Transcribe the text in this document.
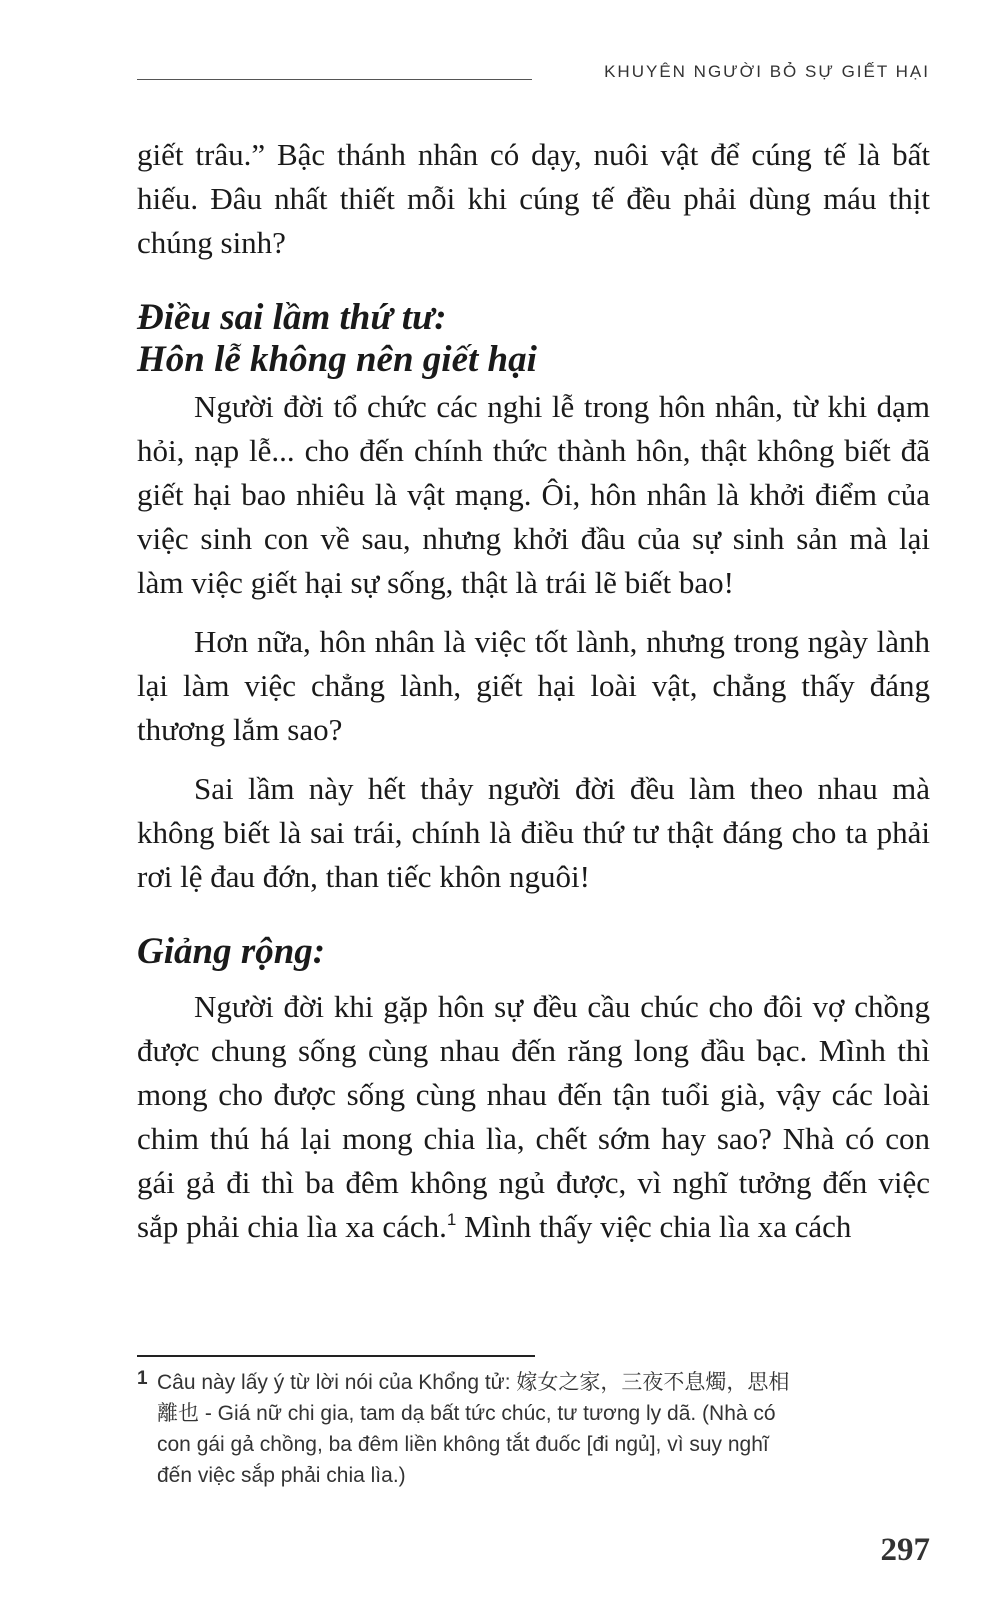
KHUYÊN NGƯỜI BỎ SỰ GIẾT HẠI

giết trâu.” Bậc thánh nhân có dạy, nuôi vật để cúng tế là bất hiếu. Đâu nhất thiết mỗi khi cúng tế đều phải dùng máu thịt chúng sinh?

Điều sai lầm thứ tư:
Hôn lễ không nên giết hại

Người đời tổ chức các nghi lễ trong hôn nhân, từ khi dạm hỏi, nạp lễ... cho đến chính thức thành hôn, thật không biết đã giết hại bao nhiêu là vật mạng. Ôi, hôn nhân là khởi điểm của việc sinh con về sau, nhưng khởi đầu của sự sinh sản mà lại làm việc giết hại sự sống, thật là trái lẽ biết bao!

Hơn nữa, hôn nhân là việc tốt lành, nhưng trong ngày lành lại làm việc chẳng lành, giết hại loài vật, chẳng thấy đáng thương lắm sao?

Sai lầm này hết thảy người đời đều làm theo nhau mà không biết là sai trái, chính là điều thứ tư thật đáng cho ta phải rơi lệ đau đớn, than tiếc khôn nguôi!

Giảng rộng:

Người đời khi gặp hôn sự đều cầu chúc cho đôi vợ chồng được chung sống cùng nhau đến răng long đầu bạc. Mình thì mong cho được sống cùng nhau đến tận tuổi già, vậy các loài chim thú há lại mong chia lìa, chết sớm hay sao? Nhà có con gái gả đi thì ba đêm không ngủ được, vì nghĩ tưởng đến việc sắp phải chia lìa xa cách.$^1$ Mình thấy việc chia lìa xa cách

1 Câu này lấy ý từ lời nói của Khổng tử: 嫁女之家，三夜不息燭，思相
離也 - Giá nữ chi gia, tam dạ bất tức chúc, tư tương ly dã. (Nhà có
con gái gả chồng, ba đêm liền không tắt đuốc [đi ngủ], vì suy nghĩ
đến việc sắp phải chia lìa.)
297
